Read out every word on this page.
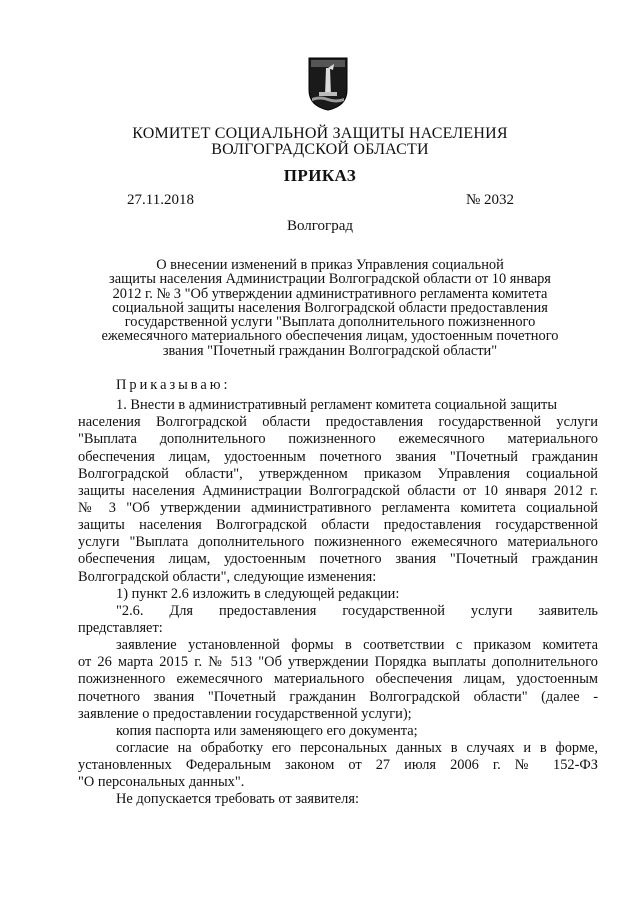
КОМИТЕТ СОЦИАЛЬНОЙ ЗАЩИТЫ НАСЕЛЕНИЯ
ВОЛГОГРАДСКОЙ ОБЛАСТИ
ПРИКАЗ
27.11.2018	№ 2032
Волгоград
О внесении изменений в приказ Управления социальной
защиты населения Администрации Волгоградской области от 10 января
2012 г. № 3 "Об утверждении административного регламента комитета
социальной защиты населения Волгоградской области предоставления
государственной услуги "Выплата дополнительного пожизненного
ежемесячного материального обеспечения лицам, удостоенным почетного
звания "Почетный гражданин Волгоградской области"
Приказываю:
1. Внести в административный регламент комитета социальной защиты
населения Волгоградской области предоставления государственной услуги
"Выплата дополнительного пожизненного ежемесячного материального
обеспечения лицам, удостоенным почетного звания "Почетный гражданин
Волгоградской области", утвержденном приказом Управления социальной
защиты населения Администрации Волгоградской области от 10 января 2012 г.
№ 3 "Об утверждении административного регламента комитета социальной
защиты населения Волгоградской области предоставления государственной
услуги "Выплата дополнительного пожизненного ежемесячного материального
обеспечения лицам, удостоенным почетного звания "Почетный гражданин
Волгоградской области", следующие изменения:
1) пункт 2.6 изложить в следующей редакции:
"2.6. Для предоставления государственной услуги заявитель
представляет:
заявление установленной формы в соответствии с приказом комитета
от 26 марта 2015 г. № 513 "Об утверждении Порядка выплаты дополнительного
пожизненного ежемесячного материального обеспечения лицам, удостоенным
почетного звания "Почетный гражданин Волгоградской области" (далее -
заявление о предоставлении государственной услуги);
копия паспорта или заменяющего его документа;
согласие на обработку его персональных данных в случаях и в форме,
установленных Федеральным законом от 27 июля 2006 г. № 152-ФЗ
"О персональных данных".
Не допускается требовать от заявителя:
